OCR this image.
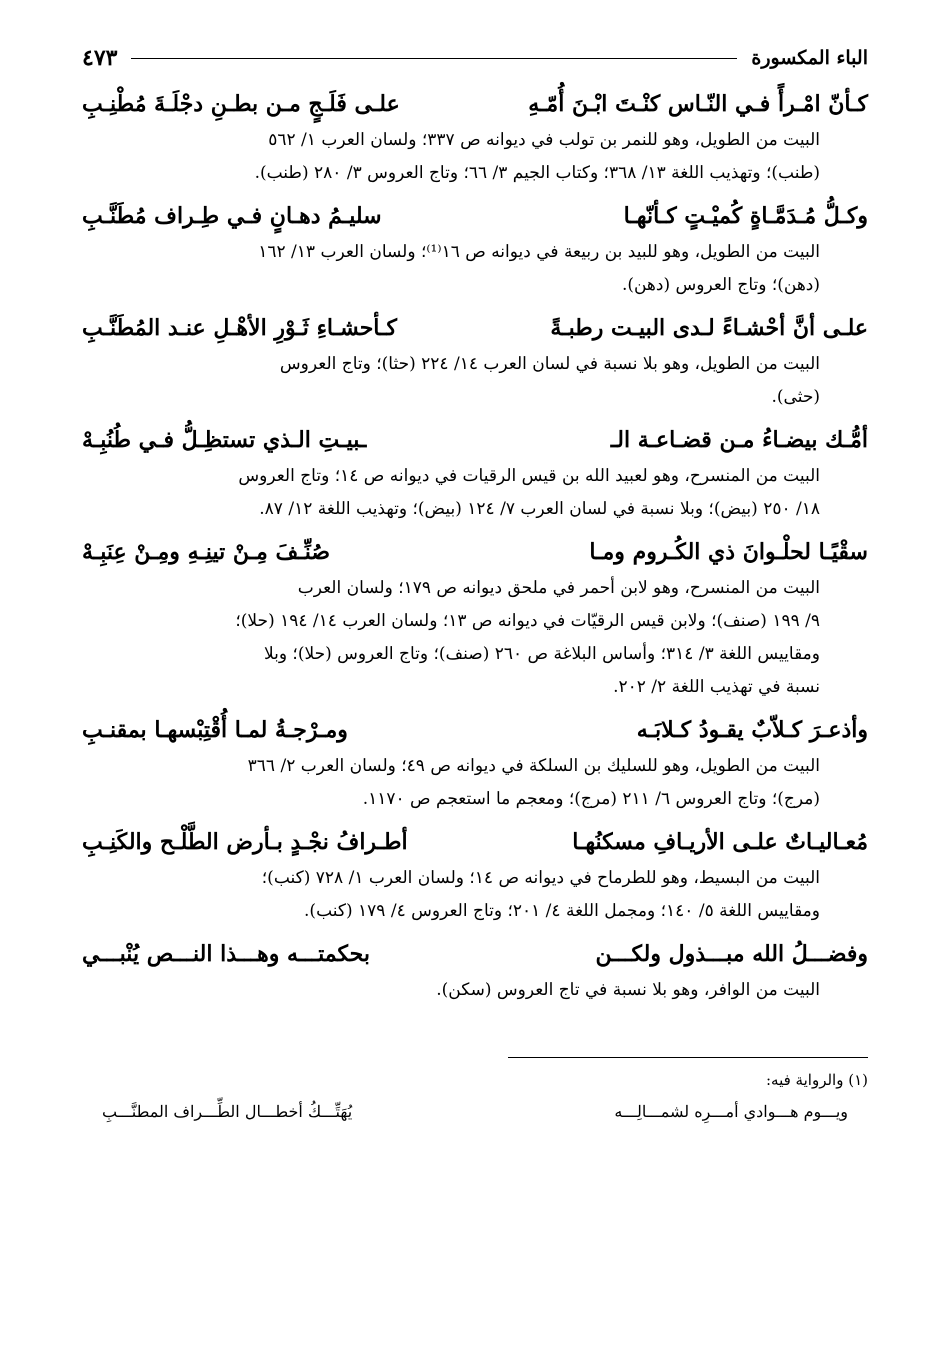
الباء المكسورة
٤٧٣
كـأنّ امْـرأً فـي النّـاس كنْـتَ ابْـنَ أُمّـهِ
علـى فَلَـجٍ مـن بطـنِ دجْلَـةَ مُطْنِـبِ
البيت من الطويل، وهو للنمر بن تولب في ديوانه ص ٣٣٧؛ ولسان العرب ١/ ٥٦٢
(طنب)؛ وتهذيب اللغة ١٣/ ٣٦٨؛ وكتاب الجيم ٣/ ٦٦؛ وتاج العروس ٣/ ٢٨٠ (طنب).
وكـلُّ مُـدَمَّـاةٍ كُميْـتٍ كـأنّهـا
سليـمُ دهـانٍ فـي طِـراف مُطَنَّـبِ
البيت من الطويل، وهو للبيد بن ربيعة في ديوانه ص ١٦⁽¹⁾؛ ولسان العرب ١٣/ ١٦٢
(دهن)؛ وتاج العروس (دهن).
علـى أنَّ أحْشـاءً لـدى البيـت رطبـةً
كـأحشـاءِ ثَـوْرِ الأهْـلِ عنـد المُطَنَّـبِ
البيت من الطويل، وهو بلا نسبة في لسان العرب ١٤/ ٢٢٤ (حثا)؛ وتاج العروس
(حثى).
أمُّـك بيضـاءُ مـن قضـاعـة الـ
ـبيـتِ الـذي تستظِـلُّ فـي طُنُبِـهْ
البيت من المنسرح، وهو لعبيد الله بن قيس الرقيات في ديوانه ص ١٤؛ وتاج العروس
١٨/ ٢٥٠ (بيض)؛ وبلا نسبة في لسان العرب ٧/ ١٢٤ (بيض)؛ وتهذيب اللغة ١٢/ ٨٧.
سقْيًـا لحلْـوانَ ذي الكُـروم ومـا
صُنِّـفَ مِـنْ تينِـهِ ومِـنْ عِنَبِـهْ
البيت من المنسرح، وهو لابن أحمر في ملحق ديوانه ص ١٧٩؛ ولسان العرب
٩/ ١٩٩ (صنف)؛ ولابن قيس الرقيّات في ديوانه ص ١٣؛ ولسان العرب ١٤/ ١٩٤ (حلا)؛
ومقاييس اللغة ٣/ ٣١٤؛ وأساس البلاغة ص ٢٦٠ (صنف)؛ وتاج العروس (حلا)؛ وبلا
نسبة في تهذيب اللغة ٢/ ٢٠٢.
وأذعـرَ كـلاّبٌ يقـودُ كـلابَـه
ومـرْجـةُ لمـا أُقْتِبْسهـا بمقنـبِ
البيت من الطويل، وهو للسليك بن السلكة في ديوانه ص ٤٩؛ ولسان العرب ٢/ ٣٦٦
(مرج)؛ وتاج العروس ٦/ ٢١١ (مرج)؛ ومعجم ما استعجم ص ١١٧٠.
مُعـاليـاتٌ علـى الأريـافِ مسكنُهـا
أطـرافُ نجْـدٍ بـأرض الطَّلْـح والكَنِـبِ
البيت من البسيط، وهو للطرماح في ديوانه ص ١٤؛ ولسان العرب ١/ ٧٢٨ (كنب)؛
ومقاييس اللغة ٥/ ١٤٠؛ ومجمل اللغة ٤/ ٢٠١؛ وتاج العروس ٤/ ١٧٩ (كنب).
وفضـــلُ الله مبـــذول ولكـــن
بحكمتـــه وهـــذا النـــص يُنْبـــي
البيت من الوافر، وهو بلا نسبة في تاج العروس (سكن).
(١) والرواية فيه:
ويـــوم هـــوادي أمـــرِه لشمـــالِـــه
يُهَتِّـــكُ أخطـــال الطِّـــراف المطنَّـــبِ
